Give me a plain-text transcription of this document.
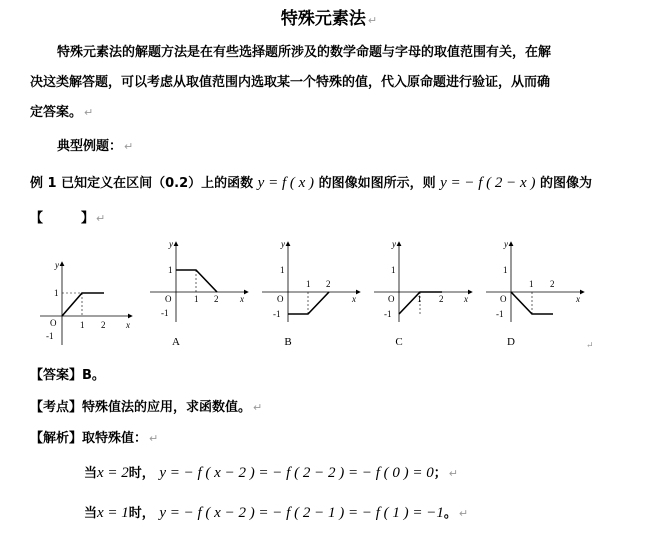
特殊元素法 ↵
特殊元素法的解题方法是在有些选择题所涉及的数学命题与字母的取值范围有关，在解
决这类解答题，可以考虑从取值范围内选取某一个特殊的值，代入原命题进行验证，从而确
定答案。 ↵
典型例题： ↵
例 1 已知定义在区间（0.2）上的函数 y = f ( x ) 的图像如图所示，则 y = − f ( 2 − x ) 的图像为
【	】 ↵
x
y
O
1
-1
1 2
x
y
O
1
-1
1 2
A
x
y
O
1
-1
1 2
B
x
y
O
1
-1
1 2
C
x
y
O
1
-1
1 2
D	↵
【答案】B。
【考点】特殊值法的应用，求函数值。 ↵
【解析】取特殊值： ↵
当x = 2时， y = − f ( x − 2 ) = − f ( 2 − 2 ) = − f ( 0 ) = 0； ↵
当x = 1时， y = − f ( x − 2 ) = − f ( 2 − 1 ) = − f ( 1 ) = −1。 ↵
